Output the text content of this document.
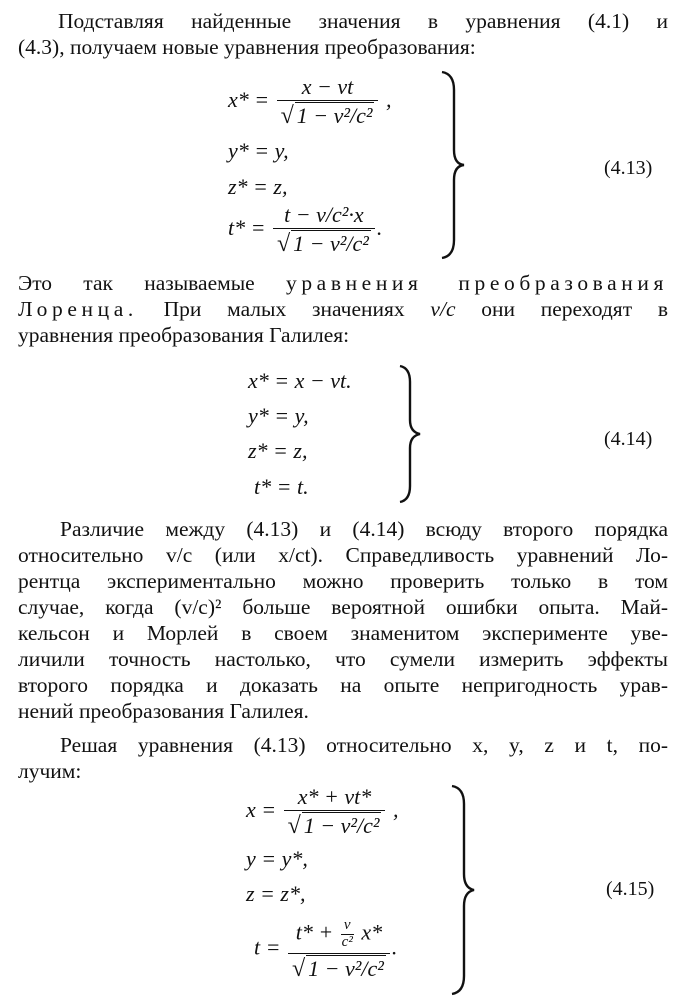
Подставляя найденные значения в уравнения (4.1) и
(4.3), получаем новые уравнения преобразования:
$x* = \frac{x - vt}{\text{√ 1 − v²/c²}}$ ,
y* = y,
z* = z,
$t* = \frac{\text{t − v/c²·x}}{\text{√ 1 − v²/c²}}$ .
(4.13)
Это так называемые уравнения преобразования
Лоренца. При малых значениях v/c они переходят в
уравнения преобразования Галилея:
x* = x − vt.
y* = y,
z* = z,
t* = t.
(4.14)
Различие между (4.13) и (4.14) всюду второго порядка
относительно v/c (или x/ct). Справедливость уравнений Ло-
рентца экспериментально можно проверить только в том
случае, когда (v/c)² больше вероятной ошибки опыта. Май-
кельсон и Морлей в своем знаменитом эксперименте уве-
личили точность настолько, что сумели измерить эффекты
второго порядка и доказать на опыте непригодность урав-
нений преобразования Галилея.
Решая уравнения (4.13) относительно x, y, z и t, по-
лучим:
$x = \frac{x* + vt*}{\text{√ 1 − v²/c²}}$ ,
y = y*,
z = z*,
$t = \frac{t* + \frac{v}{\text{c²}} x*}{\text{√ 1 − v²/c²}}$ .
(4.15)
